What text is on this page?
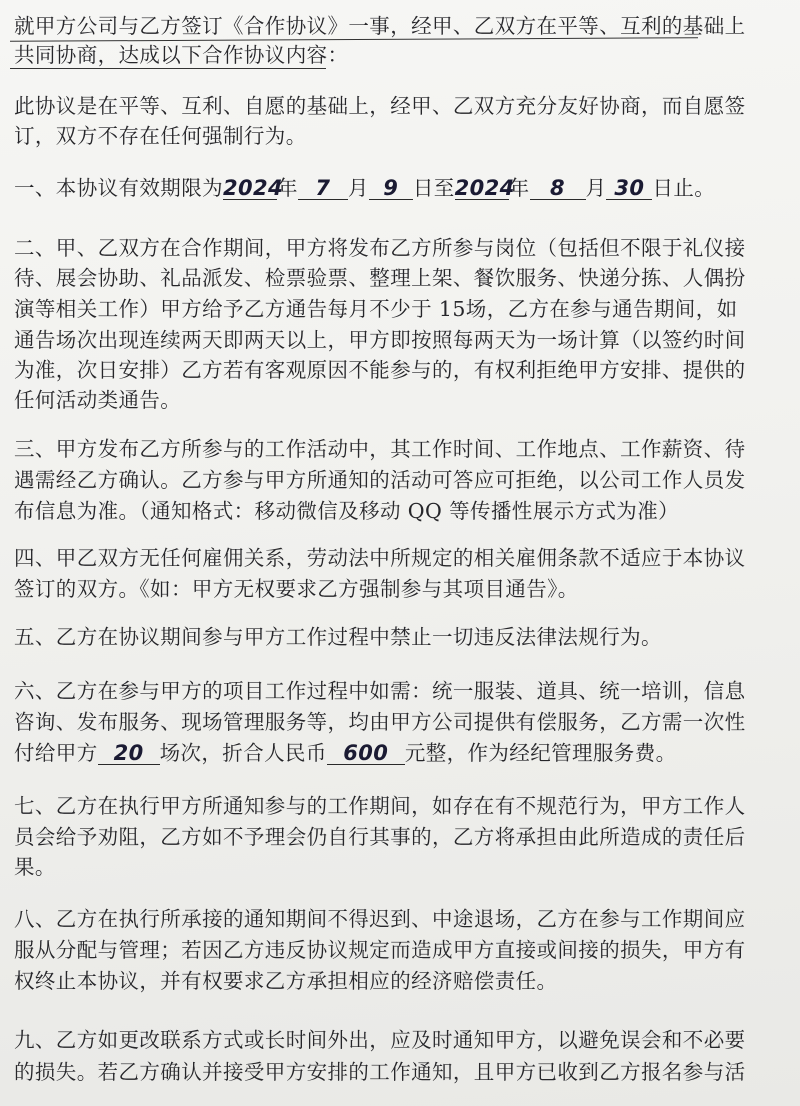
就甲方公司与乙方签订《合作协议》一事，经甲、乙双方在平等、互利的基础上

共同协商，达成以下合作协议内容：

此协议是在平等、互利、自愿的基础上，经甲、乙双方充分友好协商，而自愿签

订，双方不存在任何强制行为。

一、本协议有效期限为2024年 7 月 9 日至2024年 8 月 30 日止。

二、甲、乙双方在合作期间，甲方将发布乙方所参与岗位（包括但不限于礼仪接

待、展会协助、礼品派发、检票验票、整理上架、餐饮服务、快递分拣、人偶扮

演等相关工作）甲方给予乙方通告每月不少于 15场，乙方在参与通告期间，如

通告场次出现连续两天即两天以上，甲方即按照每两天为一场计算（以签约时间

为准，次日安排）乙方若有客观原因不能参与的，有权利拒绝甲方安排、提供的

任何活动类通告。

三、甲方发布乙方所参与的工作活动中，其工作时间、工作地点、工作薪资、待

遇需经乙方确认。乙方参与甲方所通知的活动可答应可拒绝，以公司工作人员发

布信息为准。（通知格式：移动微信及移动 QQ 等传播性展示方式为准）

四、甲乙双方无任何雇佣关系，劳动法中所规定的相关雇佣条款不适应于本协议

签订的双方。《如：甲方无权要求乙方强制参与其项目通告》。

五、乙方在协议期间参与甲方工作过程中禁止一切违反法律法规行为。

六、乙方在参与甲方的项目工作过程中如需：统一服装、道具、统一培训，信息

咨询、发布服务、现场管理服务等，均由甲方公司提供有偿服务，乙方需一次性

付给甲方 20 场次，折合人民币 600 元整，作为经纪管理服务费。

七、乙方在执行甲方所通知参与的工作期间，如存在有不规范行为，甲方工作人

员会给予劝阻，乙方如不予理会仍自行其事的，乙方将承担由此所造成的责任后

果。

八、乙方在执行所承接的通知期间不得迟到、中途退场，乙方在参与工作期间应

服从分配与管理；若因乙方违反协议规定而造成甲方直接或间接的损失，甲方有

权终止本协议，并有权要求乙方承担相应的经济赔偿责任。

九、乙方如更改联系方式或长时间外出，应及时通知甲方，以避免误会和不必要

的损失。若乙方确认并接受甲方安排的工作通知，且甲方已收到乙方报名参与活
